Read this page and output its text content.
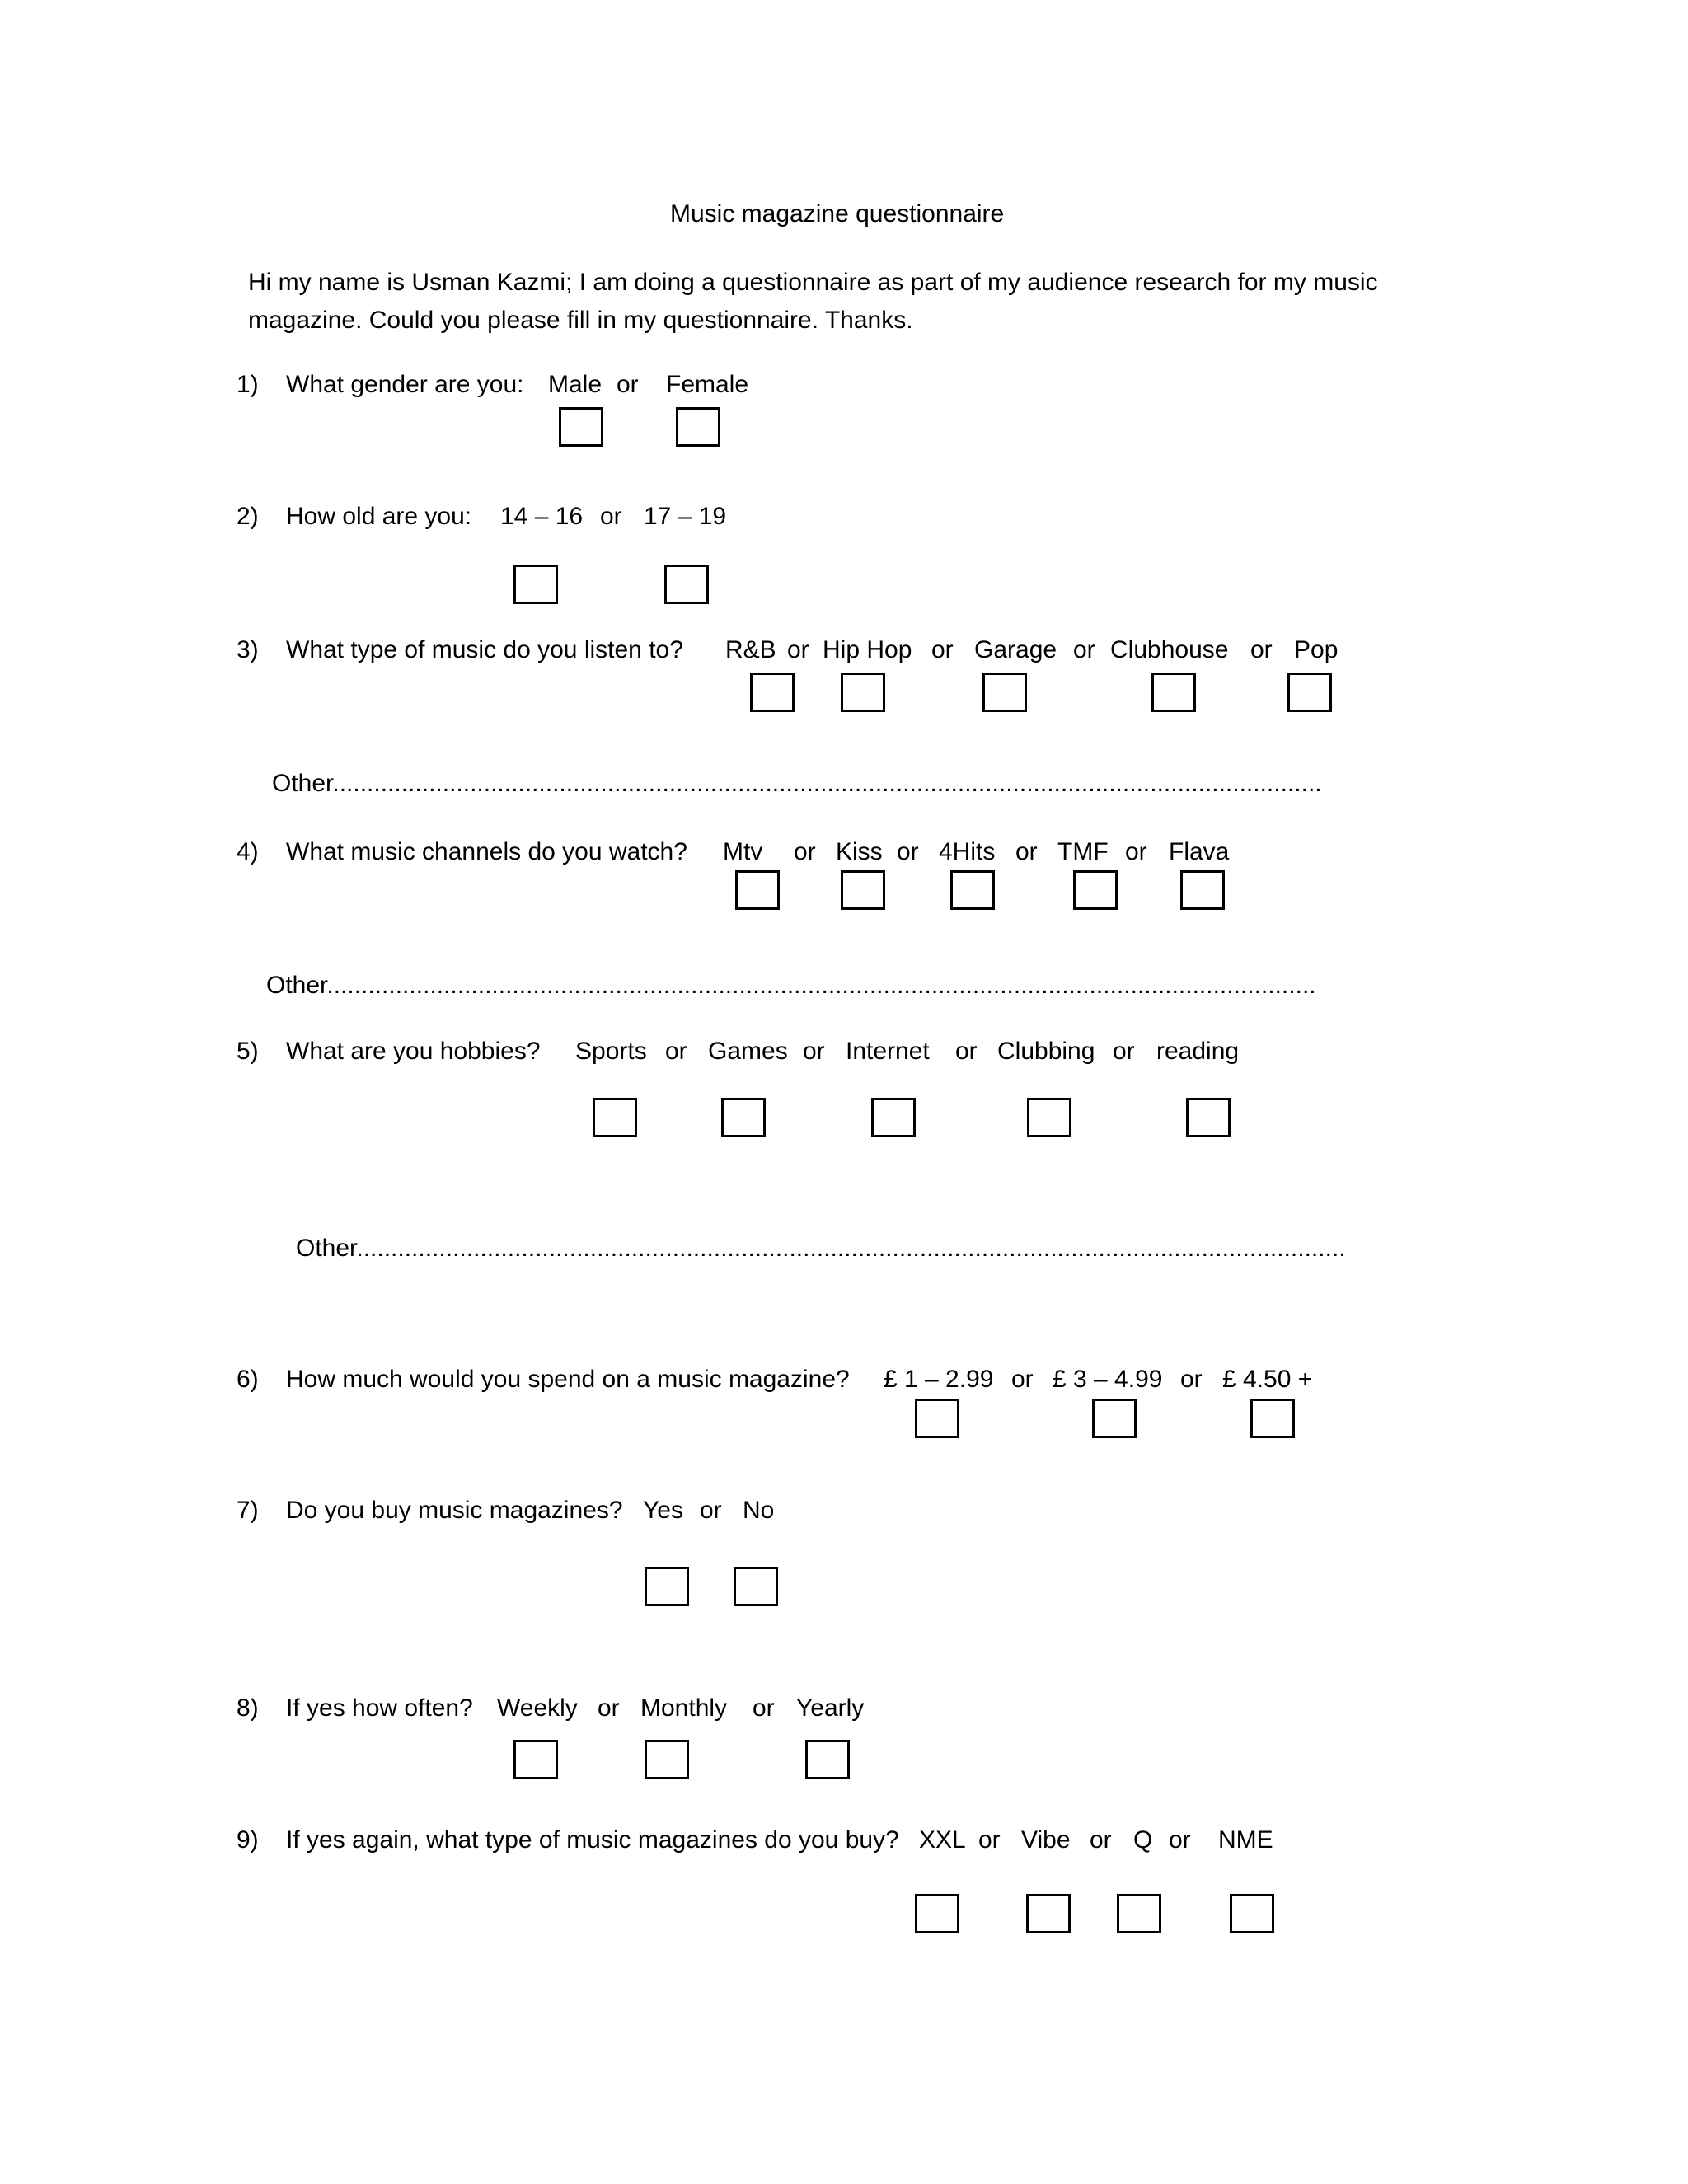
Music magazine questionnaire
Hi my name is Usman Kazmi; I am doing a questionnaire as part of my audience research for my music magazine. Could you please fill in my questionnaire. Thanks.
1) What gender are you: Male or Female
2) How old are you: 14 – 16 or 17 – 19
3) What type of music do you listen to? R&B or Hip Hop or Garage or Clubhouse or Pop
Other................................................................................................................................................
4) What music channels do you watch? Mtv or Kiss or 4Hits or TMF or Flava
Other................................................................................................................................................
5) What are you hobbies? Sports or Games or Internet or Clubbing or reading
Other................................................................................................................................................
6) How much would you spend on a music magazine? £ 1 – 2.99 or £ 3 – 4.99 or £ 4.50 +
7) Do you buy music magazines? Yes or No
8) If yes how often? Weekly or Monthly or Yearly
9) If yes again, what type of music magazines do you buy? XXL or Vibe or Q or NME
